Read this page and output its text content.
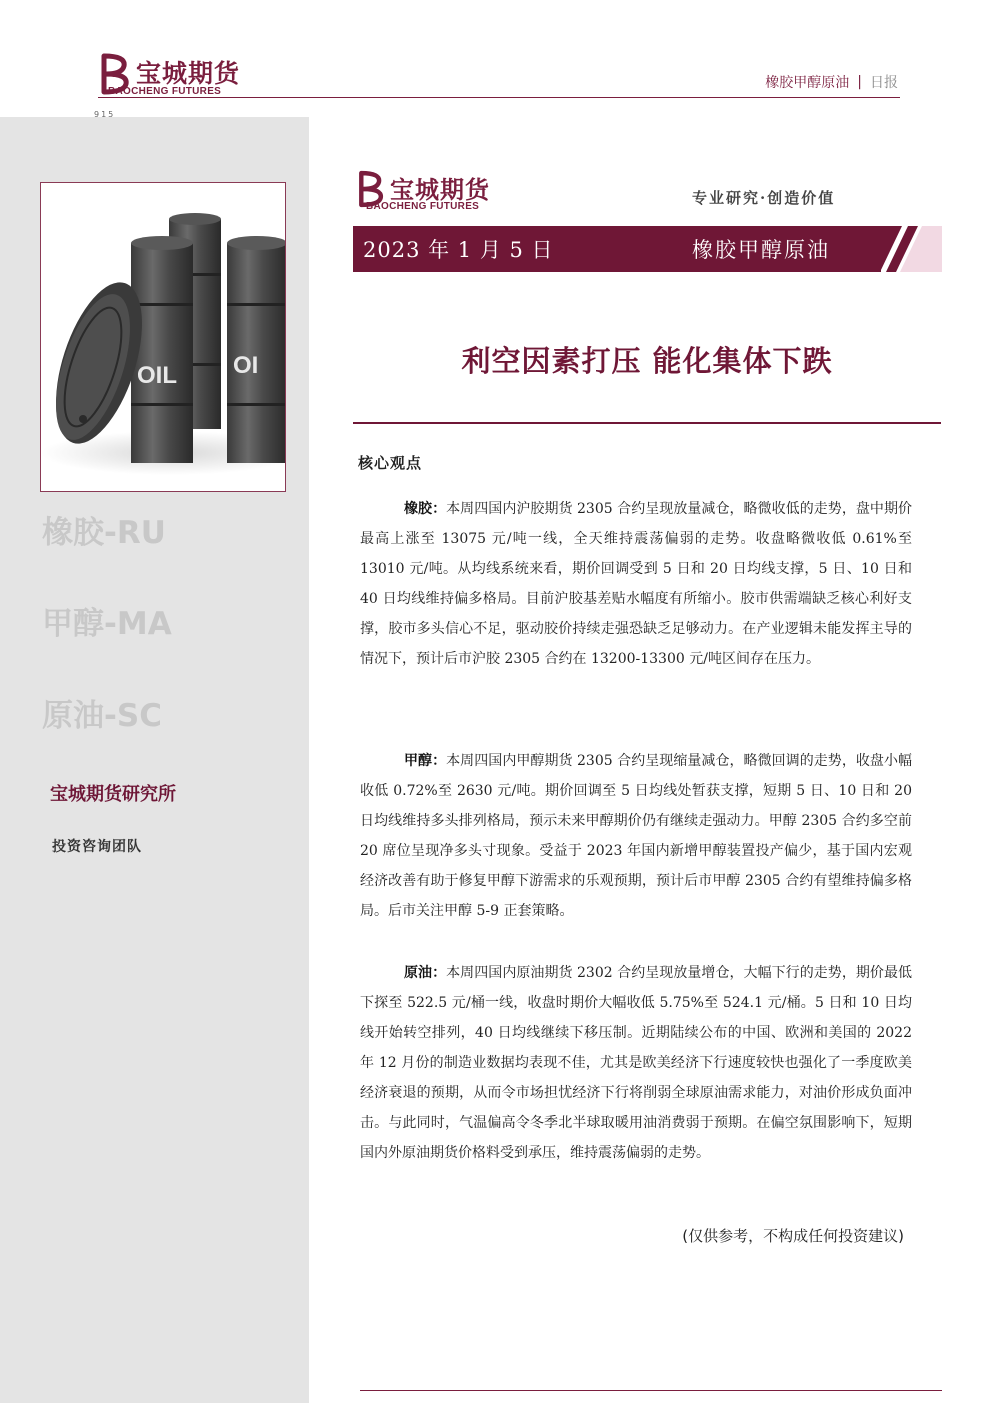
宝城期货
BAOCHENG FUTURES
橡胶甲醇原油 | 日报
915
OIL OI
橡胶-RU
甲醇-MA
原油-SC
宝城期货研究所
投资咨询团队
宝城期货
BAOCHENG FUTURES	专业研究·创造价值
2023 年 1 月 5 日	橡胶甲醇原油
利空因素打压 能化集体下跌
核心观点

橡胶：本周四国内沪胶期货 2305 合约呈现放量减仓，略微收低的走势，盘中期价最高上涨至 13075 元/吨一线，全天维持震荡偏弱的走势。收盘略微收低 0.61%至 13010 元/吨。从均线系统来看，期价回调受到 5 日和 20 日均线支撑，5 日、10 日和 40 日均线维持偏多格局。目前沪胶基差贴水幅度有所缩小。胶市供需端缺乏核心利好支撑，胶市多头信心不足，驱动胶价持续走强恐缺乏足够动力。在产业逻辑未能发挥主导的情况下，预计后市沪胶 2305 合约在 13200-13300 元/吨区间存在压力。

甲醇：本周四国内甲醇期货 2305 合约呈现缩量减仓，略微回调的走势，收盘小幅收低 0.72%至 2630 元/吨。期价回调至 5 日均线处暂获支撑，短期 5 日、10 日和 20 日均线维持多头排列格局，预示未来甲醇期价仍有继续走强动力。甲醇 2305 合约多空前 20 席位呈现净多头寸现象。受益于 2023 年国内新增甲醇装置投产偏少，基于国内宏观经济改善有助于修复甲醇下游需求的乐观预期，预计后市甲醇 2305 合约有望维持偏多格局。后市关注甲醇 5-9 正套策略。

原油：本周四国内原油期货 2302 合约呈现放量增仓，大幅下行的走势，期价最低下探至 522.5 元/桶一线，收盘时期价大幅收低 5.75%至 524.1 元/桶。5 日和 10 日均线开始转空排列，40 日均线继续下移压制。近期陆续公布的中国、欧洲和美国的 2022 年 12 月份的制造业数据均表现不佳，尤其是欧美经济下行速度较快也强化了一季度欧美经济衰退的预期，从而令市场担忧经济下行将削弱全球原油需求能力，对油价形成负面冲击。与此同时，气温偏高令冬季北半球取暖用油消费弱于预期。在偏空氛围影响下，短期国内外原油期货价格料受到承压，维持震荡偏弱的走势。

(仅供参考，不构成任何投资建议)
